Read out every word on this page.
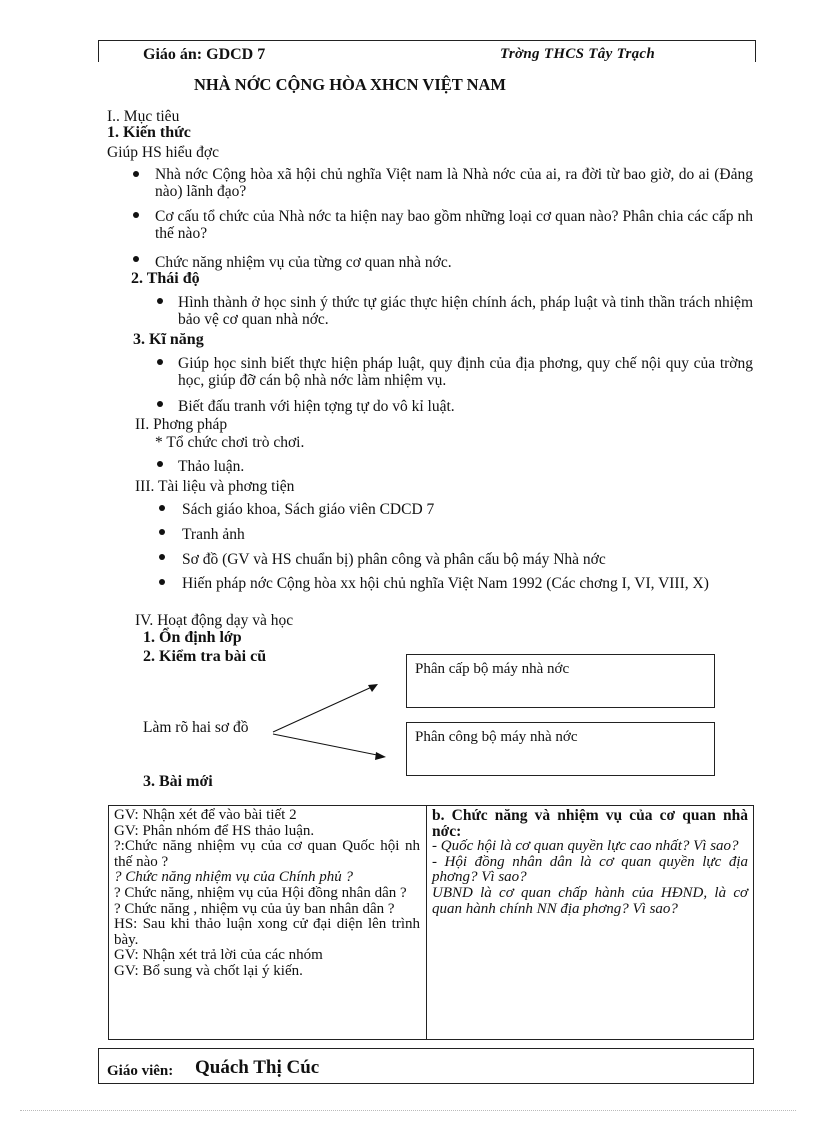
Giáo án: GDCD 7	Trờng THCS Tây Trạch
NHÀ NỚC CỘNG HÒA XHCN VIỆT NAM
I.. Mục tiêu
1. Kiến thức
Giúp HS hiểu đợc
Nhà nớc Cộng hòa xã hội chủ nghĩa Việt nam là Nhà nớc của ai, ra đời từ bao giờ, do ai (Đảng nào) lãnh đạo?
Cơ cấu tổ chức của Nhà nớc ta hiện nay bao gồm những loại cơ quan nào? Phân chia các cấp nh thế nào?
Chức năng nhiệm vụ của từng cơ quan nhà nớc.
2. Thái độ
Hình thành ở học sinh ý thức tự giác thực hiện chính ách, pháp luật và tinh thần trách nhiệm bảo vệ cơ quan nhà nớc.
3. Kĩ năng
Giúp học sinh biết thực hiện pháp luật, quy định của địa phơng, quy chế nội quy của trờng học, giúp đỡ cán bộ nhà nớc làm nhiệm vụ.
Biết đấu tranh với hiện tợng tự do vô kỉ luật.
II. Phơng pháp
* Tổ chức chơi trò chơi.
Thảo luận.
III. Tài liệu và phơng tiện
Sách giáo khoa, Sách giáo viên CDCD 7
Tranh ảnh
Sơ đồ (GV và HS chuẩn bị) phân công và phân cấu bộ máy Nhà nớc
Hiến pháp nớc Cộng hòa xx hội chủ nghĩa Việt Nam 1992 (Các chơng I, VI, VIII, X)
IV. Hoạt động dạy và học
1. Ổn định lớp
2. Kiểm tra bài cũ
Phân cấp bộ máy nhà nớc
Phân công bộ máy nhà nớc
Làm rõ hai sơ đồ
3. Bài mới

GV: Nhận xét để vào bài tiết 2

GV: Phân nhóm để HS thảo luận.

?:Chức năng nhiệm vụ của cơ quan Quốc hội nh thế nào ?

? Chức năng nhiệm vụ của Chính phủ ?

? Chức năng, nhiệm vụ của Hội đồng nhân dân ?

? Chức năng , nhiệm vụ của ủy ban nhân dân ?

HS: Sau khi thảo luận xong cử đại diện lên trình bày.

GV: Nhận xét trả lời của các nhóm

GV: Bổ sung và chốt lại ý kiến.

b. Chức năng và nhiệm vụ của cơ quan nhà nớc:

- Quốc hội là cơ quan quyền lực cao nhất? Vì sao?

- Hội đồng nhân dân là cơ quan quyền lực địa phơng? Vì sao?

UBND là cơ quan chấp hành của HĐND, là cơ quan hành chính NN địa phơng? Vì sao?

Giáo viên: Quách Thị Cúc
